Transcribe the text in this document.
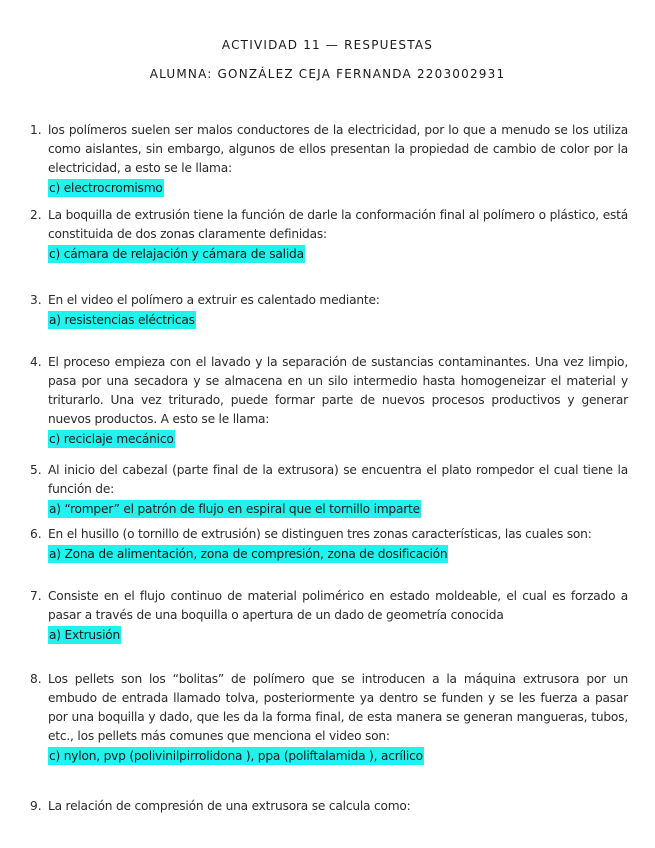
ACTIVIDAD 11 — RESPUESTAS
ALUMNA: GONZÁLEZ CEJA FERNANDA 2203002931
1. los polímeros suelen ser malos conductores de la electricidad, por lo que a menudo se los utiliza como aislantes, sin embargo, algunos de ellos presentan la propiedad de cambio de color por la electricidad, a esto se le llama:

c) electrocromismo
2. La boquilla de extrusión tiene la función de darle la conformación final al polímero o plástico, está constituida de dos zonas claramente definidas:

c) cámara de relajación y cámara de salida
3. En el video el polímero a extruir es calentado mediante:

a) resistencias eléctricas
4. El proceso empieza con el lavado y la separación de sustancias contaminantes. Una vez limpio, pasa por una secadora y se almacena en un silo intermedio hasta homogeneizar el material y triturarlo. Una vez triturado, puede formar parte de nuevos procesos productivos y generar nuevos productos. A esto se le llama:

c) reciclaje mecánico
5. Al inicio del cabezal (parte final de la extrusora) se encuentra el plato rompedor el cual tiene la función de:

a) “romper” el patrón de flujo en espiral que el tornillo imparte
6. En el husillo (o tornillo de extrusión) se distinguen tres zonas características, las cuales son:

a) Zona de alimentación, zona de compresión, zona de dosificación
7. Consiste en el flujo continuo de material polimérico en estado moldeable, el cual es forzado a pasar a través de una boquilla o apertura de un dado de geometría conocida

a) Extrusión
8. Los pellets son los “bolitas” de polímero que se introducen a la máquina extrusora por un embudo de entrada llamado tolva, posteriormente ya dentro se funden y se les fuerza a pasar por una boquilla y dado, que les da la forma final, de esta manera se generan mangueras, tubos, etc., los pellets más comunes que menciona el video son:

c) nylon, pvp (polivinilpirrolidona ), ppa (poliftalamida ), acrílico
9. La relación de compresión de una extrusora se calcula como:
